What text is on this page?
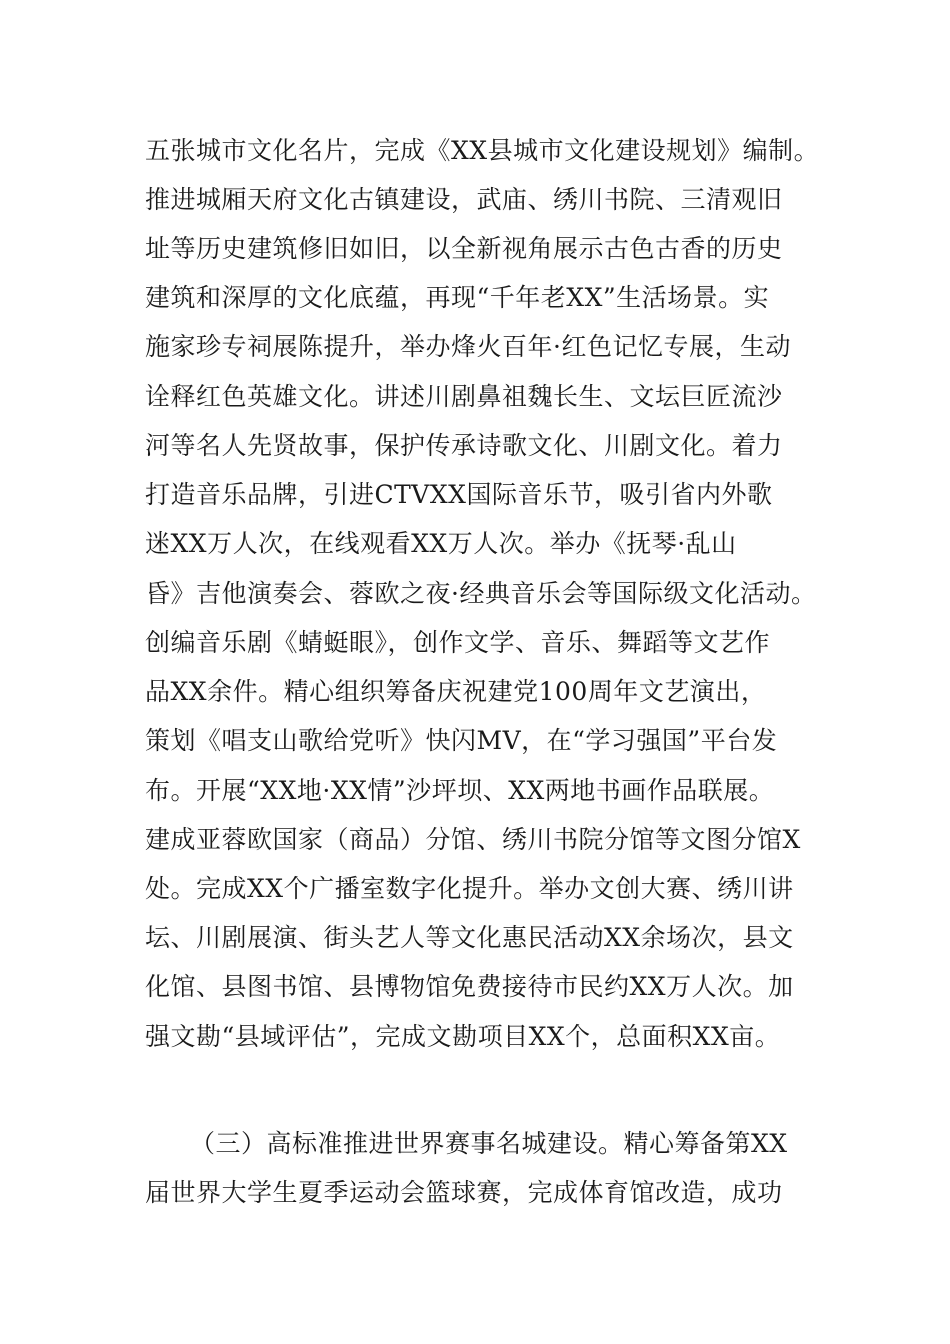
五张城市文化名片，完成《XX县城市文化建设规划》编制。
推进城厢天府文化古镇建设，武庙、绣川书院、三清观旧
址等历史建筑修旧如旧，以全新视角展示古色古香的历史
建筑和深厚的文化底蕴，再现“千年老XX”生活场景。实
施家珍专祠展陈提升，举办烽火百年·红色记忆专展，生动
诠释红色英雄文化。讲述川剧鼻祖魏长生、文坛巨匠流沙
河等名人先贤故事，保护传承诗歌文化、川剧文化。着力
打造音乐品牌，引进CTVXX国际音乐节，吸引省内外歌
迷XX万人次，在线观看XX万人次。举办《抚琴·乱山
昏》吉他演奏会、蓉欧之夜·经典音乐会等国际级文化活动。
创编音乐剧《蜻蜓眼》，创作文学、音乐、舞蹈等文艺作
品XX余件。精心组织筹备庆祝建党100周年文艺演出，
策划《唱支山歌给党听》快闪MV，在“学习强国”平台发
布。开展“XX地·XX情”沙坪坝、XX两地书画作品联展。
建成亚蓉欧国家（商品）分馆、绣川书院分馆等文图分馆X
处。完成XX个广播室数字化提升。举办文创大赛、绣川讲
坛、川剧展演、街头艺人等文化惠民活动XX余场次，县文
化馆、县图书馆、县博物馆免费接待市民约XX万人次。加
强文勘“县域评估”，完成文勘项目XX个，总面积XX亩。
（三）高标准推进世界赛事名城建设。精心筹备第XX
届世界大学生夏季运动会篮球赛，完成体育馆改造，成功
